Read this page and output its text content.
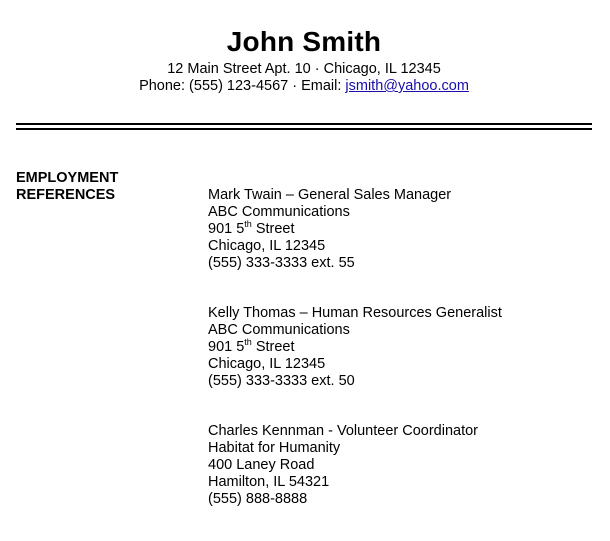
John Smith
12 Main Street Apt. 10 · Chicago, IL 12345
Phone: (555) 123-4567 · Email: jsmith@yahoo.com
EMPLOYMENT
REFERENCES	Mark Twain – General Sales Manager
ABC Communications
901 5th Street
Chicago, IL 12345
(555) 333-3333 ext. 55
Kelly Thomas – Human Resources Generalist
ABC Communications
901 5th Street
Chicago, IL 12345
(555) 333-3333 ext. 50
Charles Kennman - Volunteer Coordinator
Habitat for Humanity
400 Laney Road
Hamilton, IL 54321
(555) 888-8888
